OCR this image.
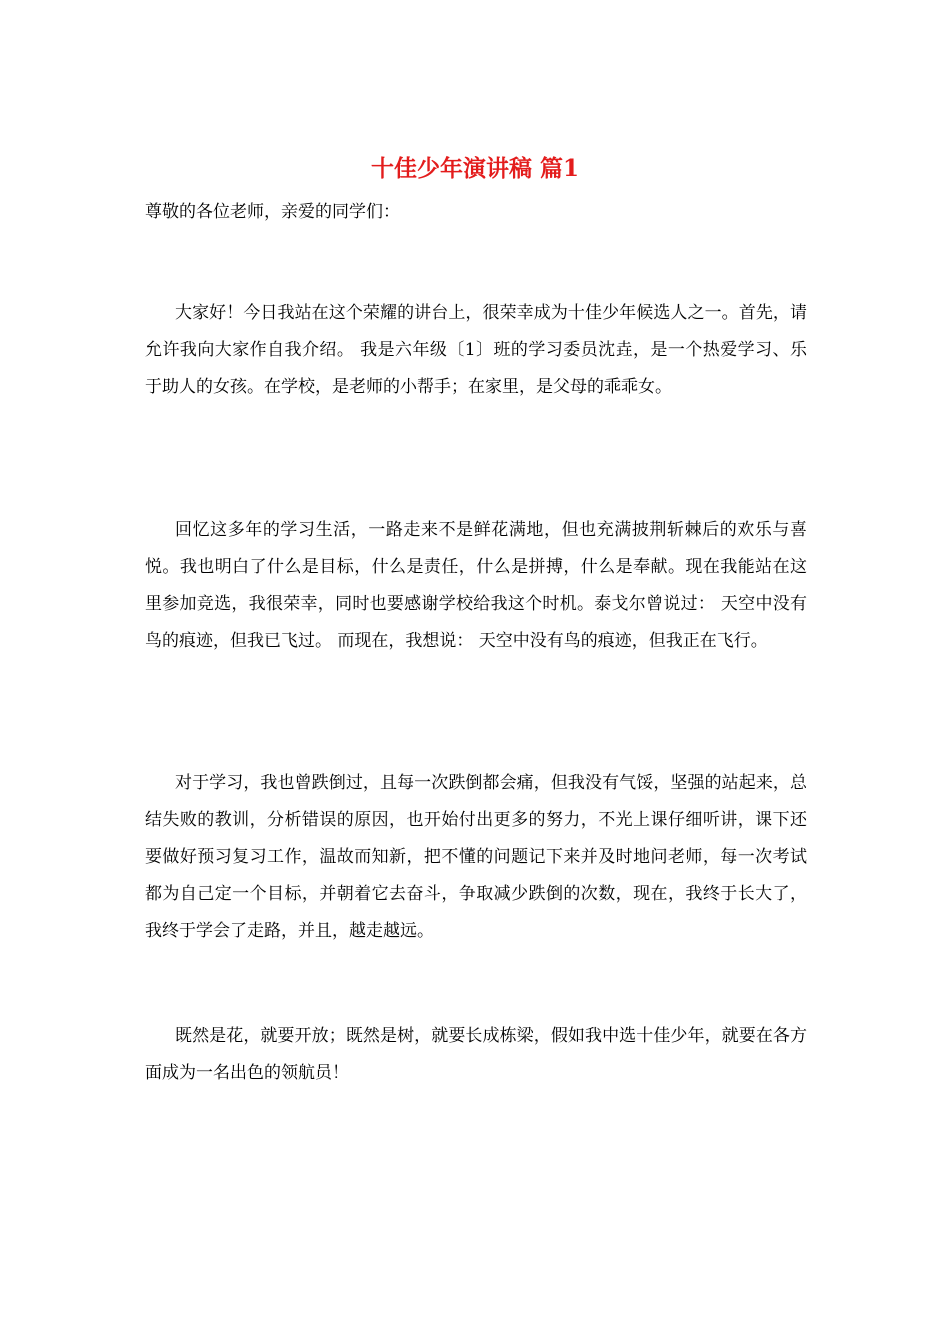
十佳少年演讲稿 篇1
尊敬的各位老师，亲爱的同学们：

大家好！今日我站在这个荣耀的讲台上，很荣幸成为十佳少年候选人之一。首先，请允许我向大家作自我介绍。 我是六年级〔1〕班的学习委员沈垚，是一个热爱学习、乐于助人的女孩。在学校，是老师的小帮手；在家里，是父母的乖乖女。

回忆这多年的学习生活，一路走来不是鲜花满地，但也充满披荆斩棘后的欢乐与喜悦。我也明白了什么是目标，什么是责任，什么是拼搏，什么是奉献。现在我能站在这里参加竞选，我很荣幸，同时也要感谢学校给我这个时机。泰戈尔曾说过： 天空中没有鸟的痕迹，但我已飞过。 而现在，我想说： 天空中没有鸟的痕迹，但我正在飞行。

对于学习，我也曾跌倒过，且每一次跌倒都会痛，但我没有气馁，坚强的站起来，总结失败的教训，分析错误的原因，也开始付出更多的努力，不光上课仔细听讲，课下还要做好预习复习工作，温故而知新，把不懂的问题记下来并及时地问老师，每一次考试都为自己定一个目标，并朝着它去奋斗，争取减少跌倒的次数，现在，我终于长大了，我终于学会了走路，并且，越走越远。

既然是花，就要开放；既然是树，就要长成栋梁，假如我中选十佳少年，就要在各方面成为一名出色的领航员！
